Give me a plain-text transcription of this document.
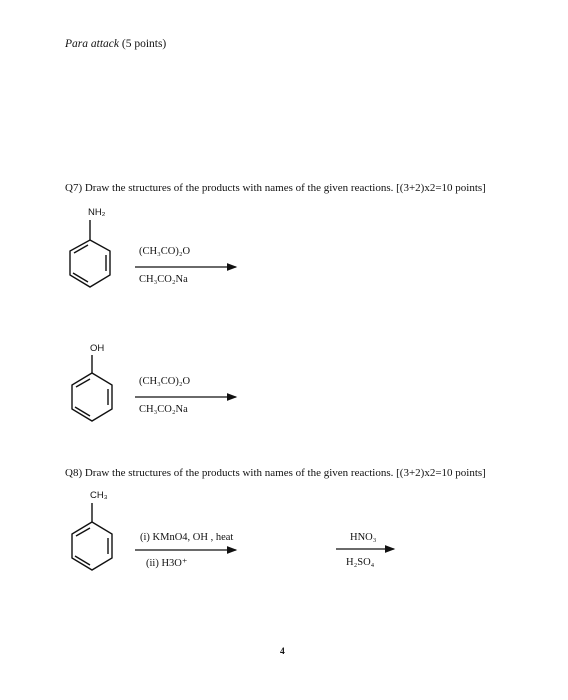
Para attack (5 points)
Q7) Draw the structures of the products with names of the given reactions. [(3+2)x2=10 points]
NH₂
(CH₃CO)₂O
CH₃CO₂Na
OH
(CH₃CO)₂O
CH₃CO₂Na
Q8) Draw the structures of the products with names of the given reactions. [(3+2)x2=10 points]
CH₃
(i) KMnO4, OH , heat
(ii) H3O⁺
HNO₃
H₂SO₄
4
